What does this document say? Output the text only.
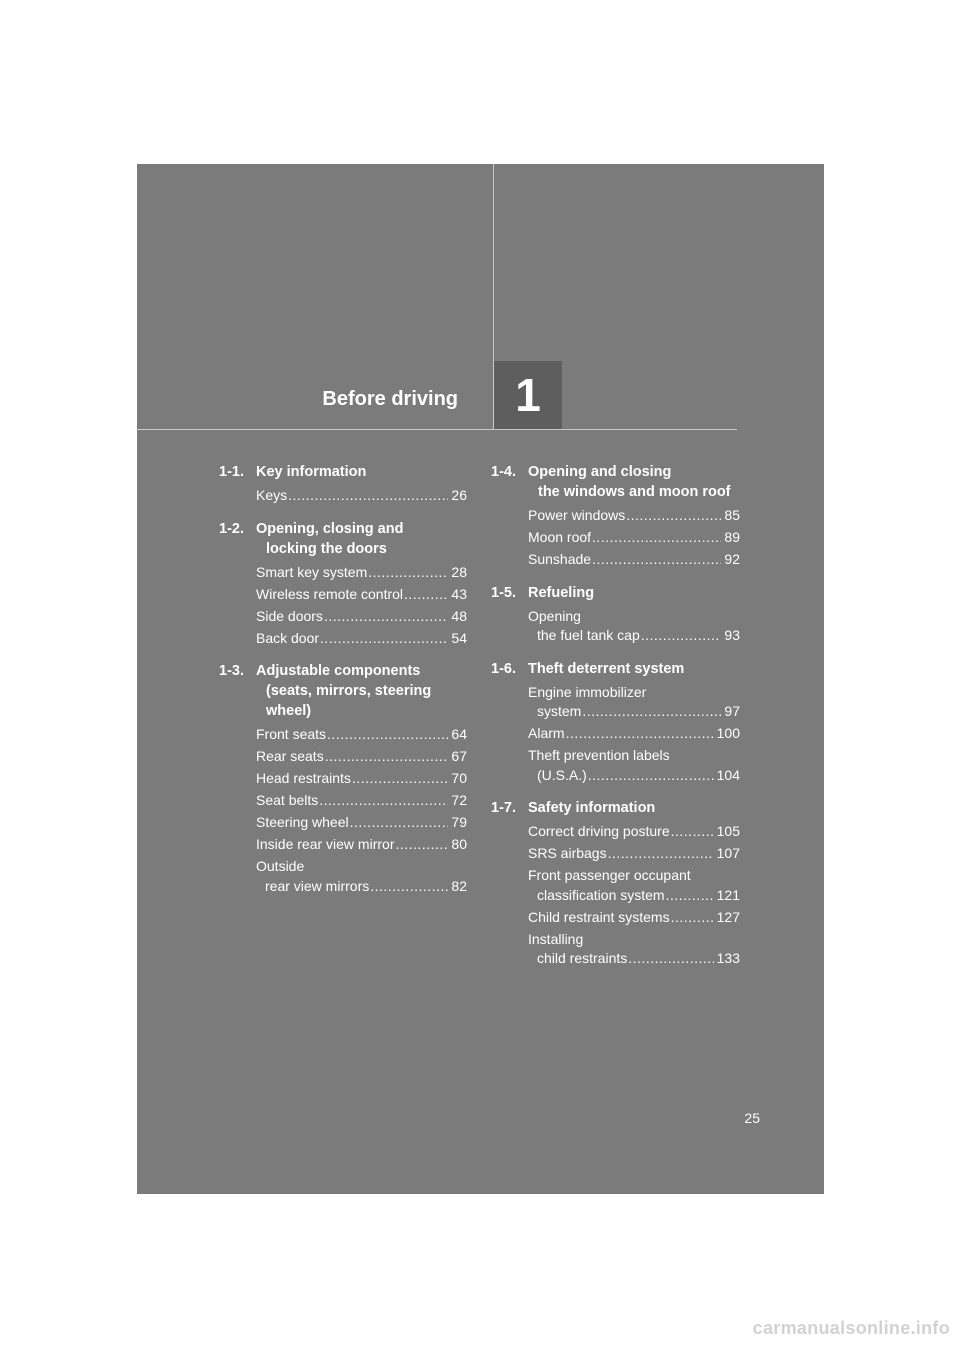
Before driving 1
1-1. Key information
Keys .....	26
1-2. Opening, closing and
locking the doors
Smart key system .....	28
Wireless remote control .....	43
Side doors .....	48
Back door .....	54
1-3. Adjustable components
(seats, mirrors, steering
wheel)
Front seats .....	64
Rear seats .....	67
Head restraints .....	70
Seat belts .....	72
Steering wheel .....	79
Inside rear view mirror .....	80
Outside
rear view mirrors .....	82
1-4. Opening and closing
the windows and moon roof
Power windows .....	85
Moon roof .....	89
Sunshade .....	92
1-5. Refueling
Opening
the fuel tank cap .....	93
1-6. Theft deterrent system
Engine immobilizer
system .....	97
Alarm .....	100
Theft prevention labels
(U.S.A.) .....	104
1-7. Safety information
Correct driving posture .....	105
SRS airbags .....	107
Front passenger occupant
classification system .....	121
Child restraint systems .....	127
Installing
child restraints .....	133
25
carmanualsonline.info
